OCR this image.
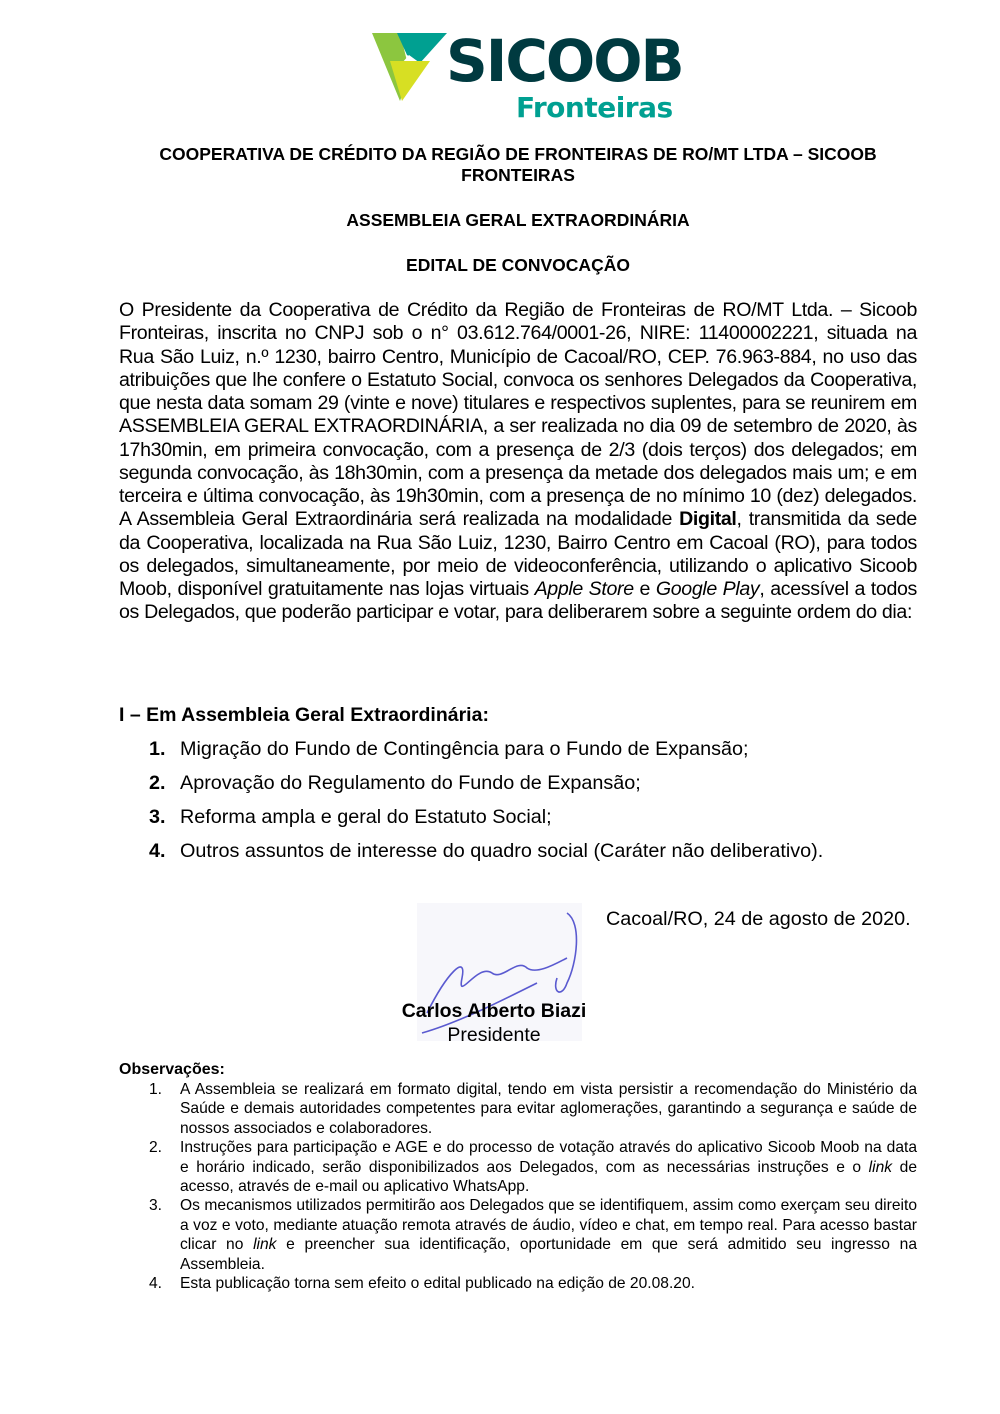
SICOOB
Fronteiras
COOPERATIVA DE CRÉDITO DA REGIÃO DE FRONTEIRAS DE RO/MT LTDA – SICOOB FRONTEIRAS
ASSEMBLEIA GERAL EXTRAORDINÁRIA
EDITAL DE CONVOCAÇÃO

O Presidente da Cooperativa de Crédito da Região de Fronteiras de RO/MT Ltda. – Sicoob Fronteiras, inscrita no CNPJ sob o n° 03.612.764/0001-26, NIRE: 11400002221, situada na Rua São Luiz, n.º 1230, bairro Centro, Município de Cacoal/RO, CEP. 76.963-884, no uso das atribuições que lhe confere o Estatuto Social, convoca os senhores Delegados da Cooperativa, que nesta data somam 29 (vinte e nove) titulares e respectivos suplentes, para se reunirem em ASSEMBLEIA GERAL EXTRAORDINÁRIA, a ser realizada no dia 09 de setembro de 2020, às 17h30min, em primeira convocação, com a presença de 2/3 (dois terços) dos delegados; em segunda convocação, às 18h30min, com a presença da metade dos delegados mais um; e em terceira e última convocação, às 19h30min, com a presença de no mínimo 10 (dez) delegados. A Assembleia Geral Extraordinária será realizada na modalidade Digital, transmitida da sede da Cooperativa, localizada na Rua São Luiz, 1230, Bairro Centro em Cacoal (RO), para todos os delegados, simultaneamente, por meio de videoconferência, utilizando o aplicativo Sicoob Moob, disponível gratuitamente nas lojas virtuais Apple Store e Google Play, acessível a todos os Delegados, que poderão participar e votar, para deliberarem sobre a seguinte ordem do dia:

I – Em Assembleia Geral Extraordinária:
1. Migração do Fundo de Contingência para o Fundo de Expansão;
2. Aprovação do Regulamento do Fundo de Expansão;
3. Reforma ampla e geral do Estatuto Social;
4. Outros assuntos de interesse do quadro social (Caráter não deliberativo).
Cacoal/RO, 24 de agosto de 2020.
Carlos Alberto Biazi
Presidente
Observações:
1.	A Assembleia se realizará em formato digital, tendo em vista persistir a recomendação do Ministério da Saúde e demais autoridades competentes para evitar aglomerações, garantindo a segurança e saúde de nossos associados e colaboradores.
2.	Instruções para participação e AGE e do processo de votação através do aplicativo Sicoob Moob na data e horário indicado, serão disponibilizados aos Delegados, com as necessárias instruções e o link de acesso, através de e-mail ou aplicativo WhatsApp.
3.	Os mecanismos utilizados permitirão aos Delegados que se identifiquem, assim como exerçam seu direito a voz e voto, mediante atuação remota através de áudio, vídeo e chat, em tempo real. Para acesso bastar clicar no link e preencher sua identificação, oportunidade em que será admitido seu ingresso na Assembleia.
4.	Esta publicação torna sem efeito o edital publicado na edição de 20.08.20.
